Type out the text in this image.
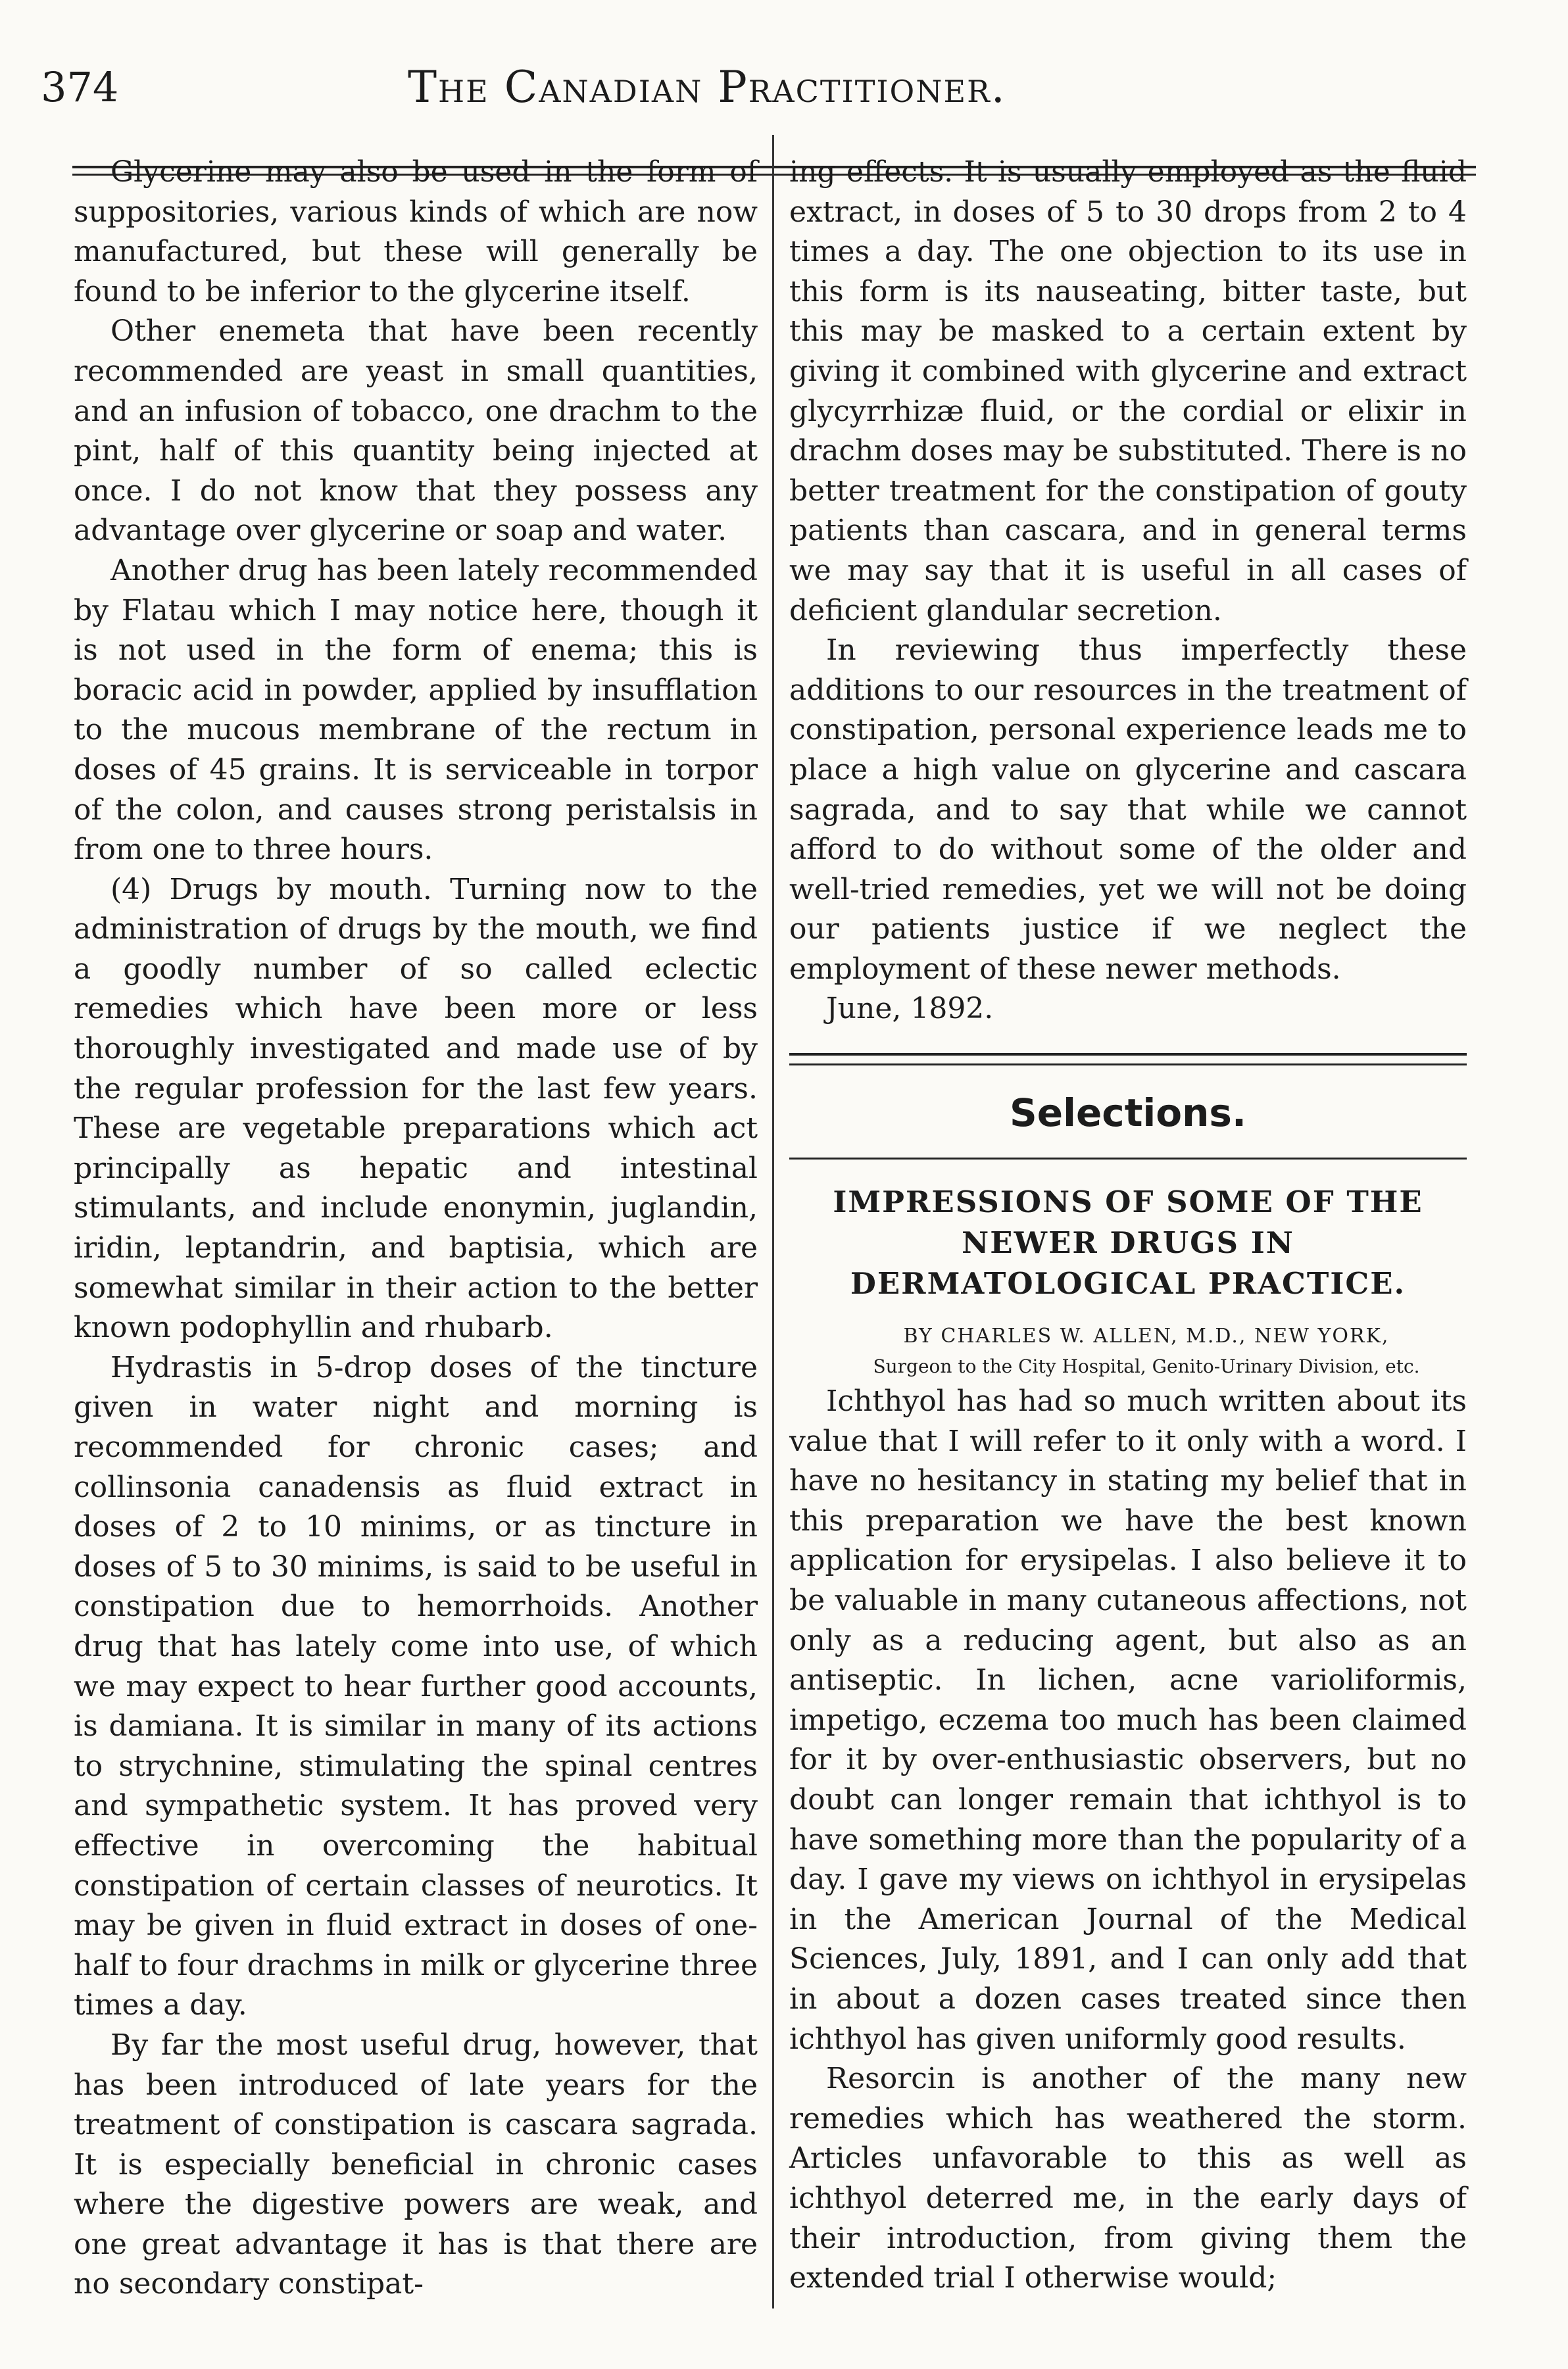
374	The Canadian Practitioner.

Glycerine may also be used in the form of suppositories, various kinds of which are now manufactured, but these will generally be found to be inferior to the glycerine itself.

Other enemeta that have been recently recommended are yeast in small quantities, and an infusion of tobacco, one drachm to the pint, half of this quantity being injected at once. I do not know that they possess any advantage over glycerine or soap and water.

Another drug has been lately recommended by Flatau which I may notice here, though it is not used in the form of enema; this is boracic acid in powder, applied by insufflation to the mucous membrane of the rectum in doses of 45 grains. It is serviceable in torpor of the colon, and causes strong peristalsis in from one to three hours.

(4) Drugs by mouth. Turning now to the administration of drugs by the mouth, we find a goodly number of so called eclectic remedies which have been more or less thoroughly investigated and made use of by the regular profession for the last few years. These are vegetable preparations which act principally as hepatic and intestinal stimulants, and include enonymin, juglandin, iridin, leptandrin, and baptisia, which are somewhat similar in their action to the better known podophyllin and rhubarb.

Hydrastis in 5-drop doses of the tincture given in water night and morning is recommended for chronic cases; and collinsonia canadensis as fluid extract in doses of 2 to 10 minims, or as tincture in doses of 5 to 30 minims, is said to be useful in constipation due to hemorrhoids. Another drug that has lately come into use, of which we may expect to hear further good accounts, is damiana. It is similar in many of its actions to strychnine, stimulating the spinal centres and sympathetic system. It has proved very effective in overcoming the habitual constipation of certain classes of neurotics. It may be given in fluid extract in doses of one-half to four drachms in milk or glycerine three times a day.

By far the most useful drug, however, that has been introduced of late years for the treatment of constipation is cascara sagrada. It is especially beneficial in chronic cases where the digestive powers are weak, and one great advantage it has is that there are no secondary constipat-

ing effects. It is usually employed as the fluid extract, in doses of 5 to 30 drops from 2 to 4 times a day. The one objection to its use in this form is its nauseating, bitter taste, but this may be masked to a certain extent by giving it combined with glycerine and extract glycyrrhizæ fluid, or the cordial or elixir in drachm doses may be substituted. There is no better treatment for the constipation of gouty patients than cascara, and in general terms we may say that it is useful in all cases of deficient glandular secretion.

In reviewing thus imperfectly these additions to our resources in the treatment of constipation, personal experience leads me to place a high value on glycerine and cascara sagrada, and to say that while we cannot afford to do without some of the older and well-tried remedies, yet we will not be doing our patients justice if we neglect the employment of these newer methods.

June, 1892.

Selections.
IMPRESSIONS OF SOME OF THE NEWER DRUGS IN DERMATOLOGICAL PRACTICE.

BY CHARLES W. ALLEN, M.D., NEW YORK,

Surgeon to the City Hospital, Genito-Urinary Division, etc.

Ichthyol has had so much written about its value that I will refer to it only with a word. I have no hesitancy in stating my belief that in this preparation we have the best known application for erysipelas. I also believe it to be valuable in many cutaneous affections, not only as a reducing agent, but also as an antiseptic. In lichen, acne varioliformis, impetigo, eczema too much has been claimed for it by over-enthusiastic observers, but no doubt can longer remain that ichthyol is to have something more than the popularity of a day. I gave my views on ichthyol in erysipelas in the American Journal of the Medical Sciences, July, 1891, and I can only add that in about a dozen cases treated since then ichthyol has given uniformly good results.

Resorcin is another of the many new remedies which has weathered the storm. Articles unfavorable to this as well as ichthyol deterred me, in the early days of their introduction, from giving them the extended trial I otherwise would;
